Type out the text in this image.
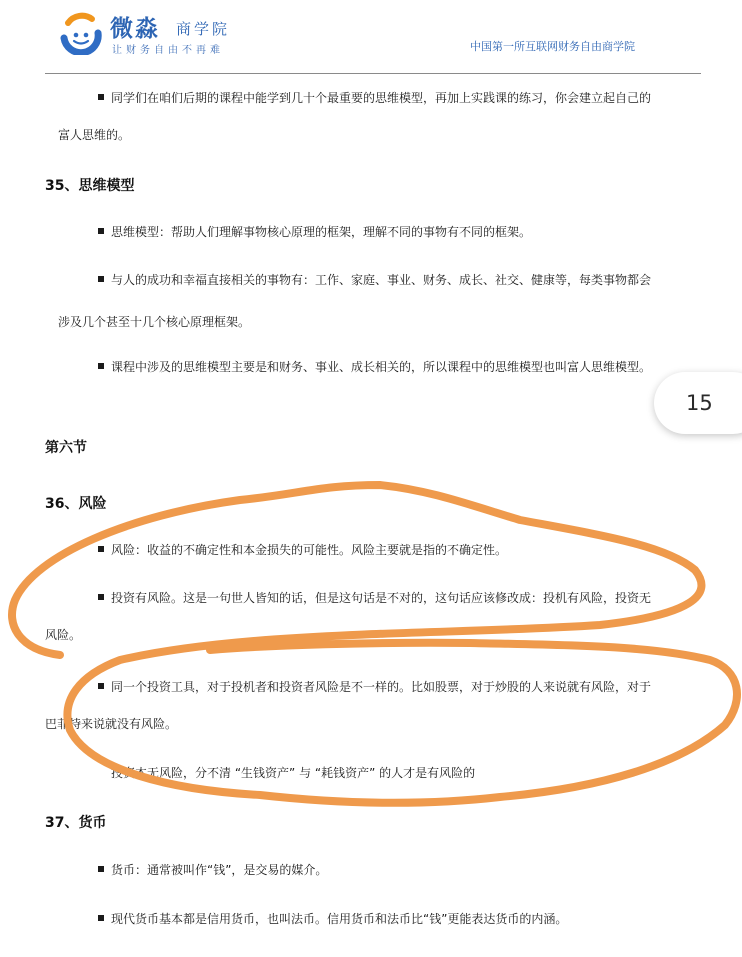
微淼 商学院
让财务自由不再难	中国第一所互联网财务自由商学院
同学们在咱们后期的课程中能学到几十个最重要的思维模型，再加上实践课的练习，你会建立起自己的
富人思维的。
35、思维模型
思维模型：帮助人们理解事物核心原理的框架，理解不同的事物有不同的框架。
与人的成功和幸福直接相关的事物有：工作、家庭、事业、财务、成长、社交、健康等，每类事物都会
涉及几个甚至十几个核心原理框架。
课程中涉及的思维模型主要是和财务、事业、成长相关的，所以课程中的思维模型也叫富人思维模型。
第六节
36、风险
风险：收益的不确定性和本金损失的可能性。风险主要就是指的不确定性。
投资有风险。这是一句世人皆知的话，但是这句话是不对的，这句话应该修改成：投机有风险，投资无
风险。
同一个投资工具，对于投机者和投资者风险是不一样的。比如股票，对于炒股的人来说就有风险，对于
巴菲特来说就没有风险。
投资本无风险，分不清 “生钱资产” 与 “耗钱资产” 的人才是有风险的
37、货币
货币：通常被叫作“钱”，是交易的媒介。
现代货币基本都是信用货币，也叫法币。信用货币和法币比“钱”更能表达货币的内涵。
15
